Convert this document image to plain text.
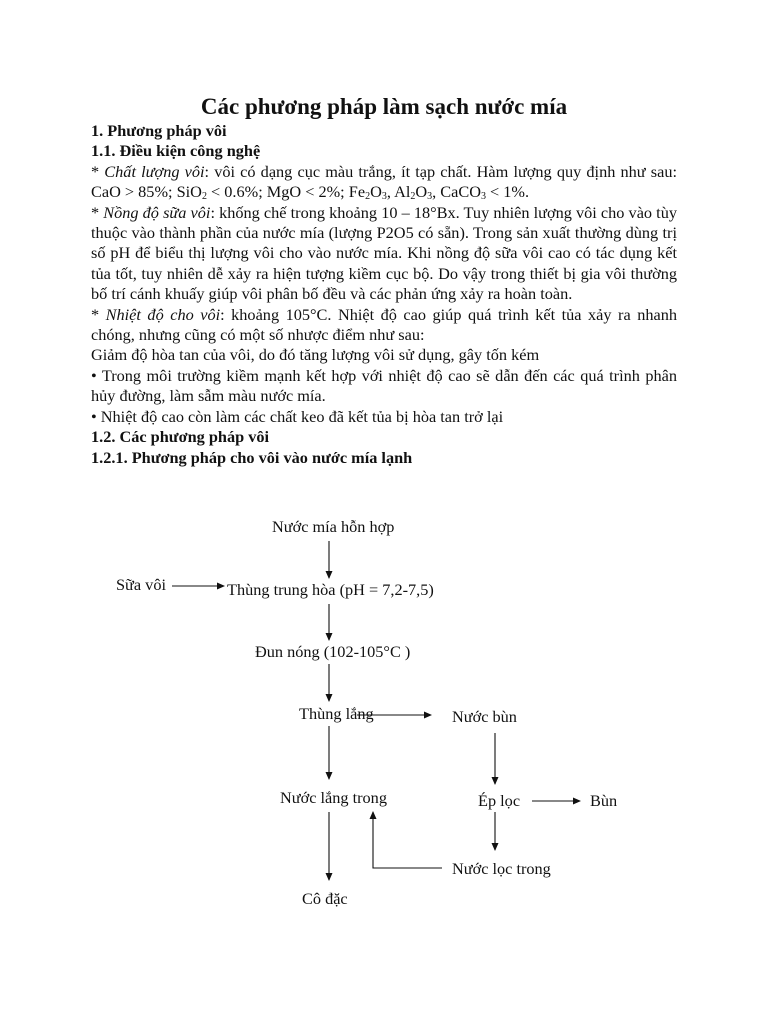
Các phương pháp làm sạch nước mía

1. Phương pháp vôi

1.1. Điều kiện công nghệ

* Chất lượng vôi: vôi có dạng cục màu trắng, ít tạp chất. Hàm lượng quy định như sau: CaO > 85%; SiO$_2$ < 0.6%; MgO < 2%; $Fe_2O_3$, $Al_2O_3$, CaCO$_3$ < 1%.

* Nồng độ sữa vôi: khống chế trong khoảng 10 – 18°Bx. Tuy nhiên lượng vôi cho vào tùy thuộc vào thành phần của nước mía (lượng P2O5 có sẵn). Trong sản xuất thường dùng trị số pH để biểu thị lượng vôi cho vào nước mía. Khi nồng độ sữa vôi cao có tác dụng kết tủa tốt, tuy nhiên dễ xảy ra hiện tượng kiềm cục bộ. Do vậy trong thiết bị gia vôi thường bố trí cánh khuấy giúp vôi phân bố đều và các phản ứng xảy ra hoàn toàn.

* Nhiệt độ cho vôi: khoảng 105°C. Nhiệt độ cao giúp quá trình kết tủa xảy ra nhanh chóng, nhưng cũng có một số nhược điểm như sau:

Giảm độ hòa tan của vôi, do đó tăng lượng vôi sử dụng, gây tốn kém

• Trong môi trường kiềm mạnh kết hợp với nhiệt độ cao sẽ dẫn đến các quá trình phân hủy đường, làm sẫm màu nước mía.

• Nhiệt độ cao còn làm các chất keo đã kết tủa bị hòa tan trở lại

1.2. Các phương pháp vôi

1.2.1. Phương pháp cho vôi vào nước mía lạnh

Nước mía hỗn hợp
Sữa vôi	Thùng trung hòa (pH = 7,2-7,5)
Đun nóng (102-105°C )
Thùng lắng	Nước bùn
Nước lắng trong	Ép lọc	Bùn
Nước lọc trong
Cô đặc
